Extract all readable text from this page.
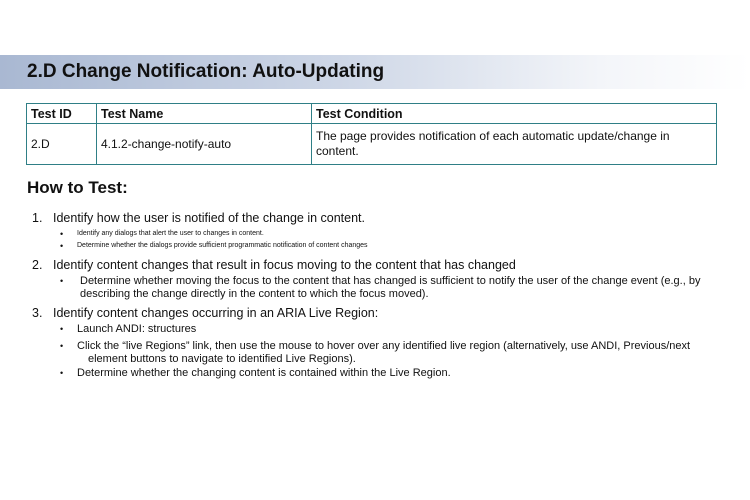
2.D Change Notification: Auto-Updating
Test ID	Test Name	Test Condition
2.D	4.1.2-change-notify-auto	The page provides notification of each automatic update/change in content.
How to Test:
1. Identify how the user is notified of the change in content.
• Identify any dialogs that alert the user to changes in content.
• Determine whether the dialogs provide sufficient programmatic notification of content changes
2. Identify content changes that result in focus moving to the content that has changed
• Determine whether moving the focus to the content that has changed is sufficient to notify the user of the change event (e.g., by describing the change directly in the content to which the focus moved).
3. Identify content changes occurring in an ARIA Live Region:
• Launch ANDI: structures
• Click the “live Regions” link, then use the mouse to hover over any identified live region (alternatively, use ANDI, Previous/next element buttons to navigate to identified Live Regions).
• Determine whether the changing content is contained within the Live Region.
